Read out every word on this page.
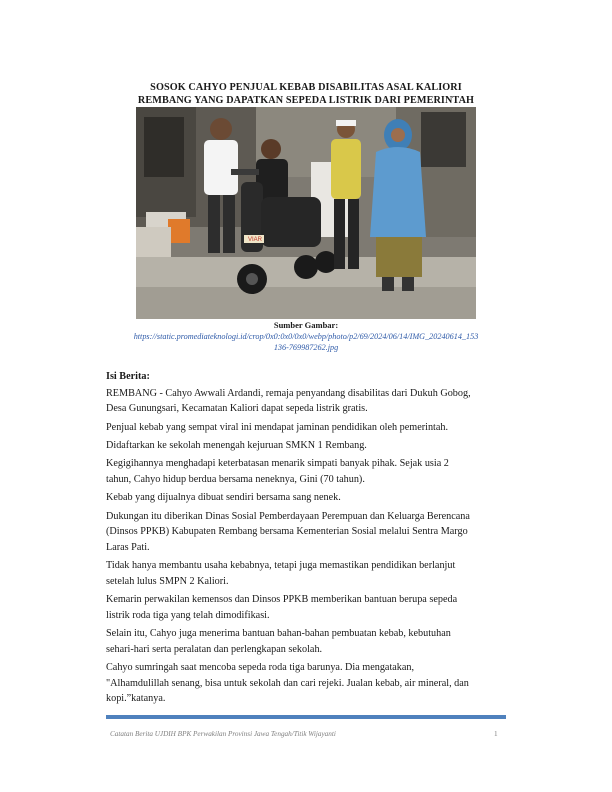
SOSOK CAHYO PENJUAL KEBAB DISABILITAS ASAL KALIORI
REMBANG YANG DAPATKAN SEPEDA LISTRIK DARI PEMERINTAH
VIAR
Sumber Gambar:
https://static.promediateknologi.id/crop/0x0:0x0/0x0/webp/photo/p2/69/2024/06/14/IMG_20240614_153
136-769987262.jpg
Isi Berita:
REMBANG - Cahyo Awwali Ardandi, remaja penyandang disabilitas dari Dukuh Gobog,
Desa Gunungsari, Kecamatan Kaliori dapat sepeda listrik gratis.
Penjual kebab yang sempat viral ini mendapat jaminan pendidikan oleh pemerintah.
Didaftarkan ke sekolah menengah kejuruan SMKN 1 Rembang.
Kegigihannya menghadapi keterbatasan menarik simpati banyak pihak. Sejak usia 2
tahun, Cahyo hidup berdua bersama neneknya, Gini (70 tahun).
Kebab yang dijualnya dibuat sendiri bersama sang nenek.
Dukungan itu diberikan Dinas Sosial Pemberdayaan Perempuan dan Keluarga Berencana
(Dinsos PPKB) Kabupaten Rembang bersama Kementerian Sosial melalui Sentra Margo
Laras Pati.
Tidak hanya membantu usaha kebabnya, tetapi juga memastikan pendidikan berlanjut
setelah lulus SMPN 2 Kaliori.
Kemarin perwakilan kemensos dan Dinsos PPKB memberikan bantuan berupa sepeda
listrik roda tiga yang telah dimodifikasi.
Selain itu, Cahyo juga menerima bantuan bahan-bahan pembuatan kebab, kebutuhan
sehari-hari serta peralatan dan perlengkapan sekolah.
Cahyo sumringah saat mencoba sepeda roda tiga barunya. Dia mengatakan,
"Alhamdulillah senang, bisa untuk sekolah dan cari rejeki. Jualan kebab, air mineral, dan
kopi.”katanya.
Catatan Berita UJDIH BPK Perwakilan Provinsi Jawa Tengah/Titik Wijayanti	1
